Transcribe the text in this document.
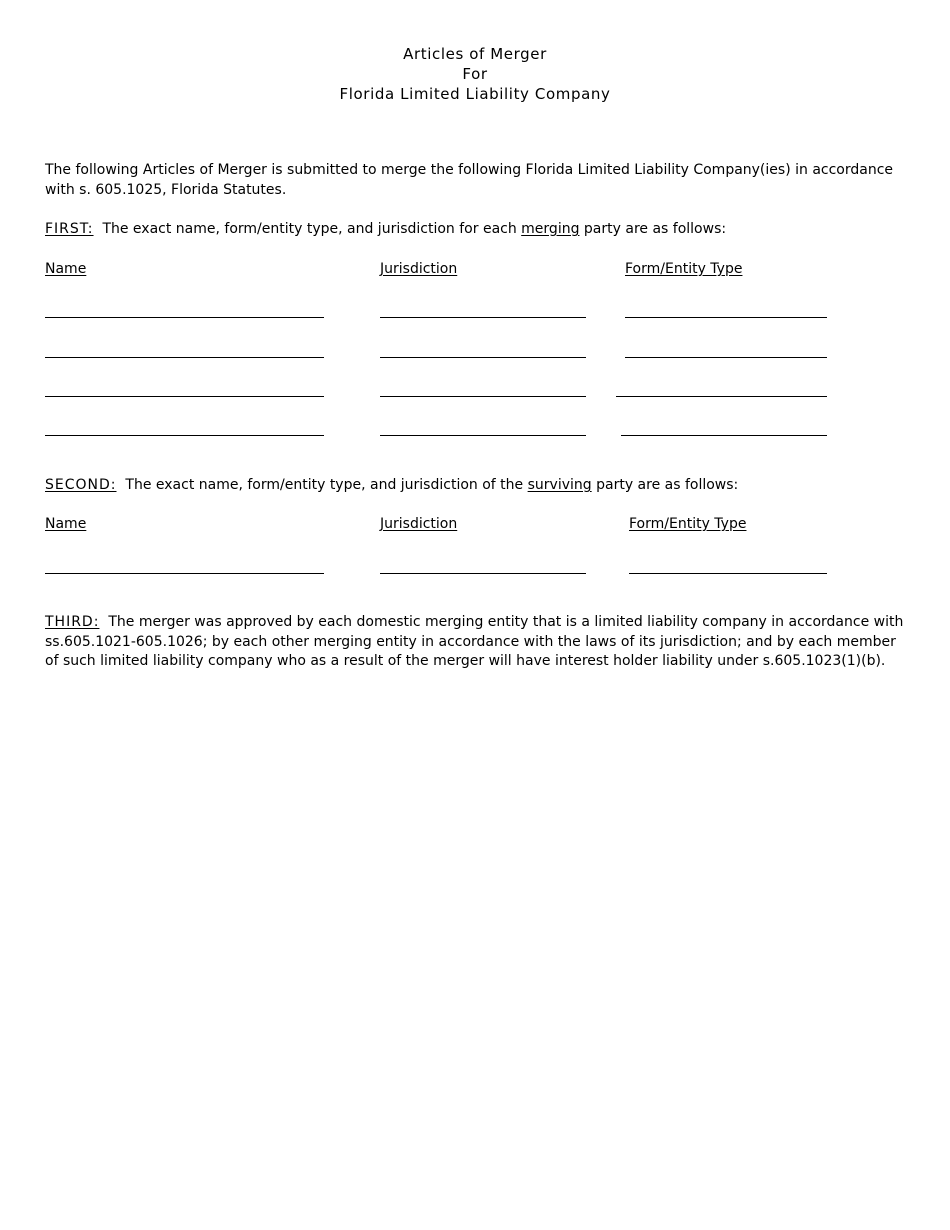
Articles of Merger
For
Florida Limited Liability Company
The following Articles of Merger is submitted to merge the following Florida Limited Liability Company(ies) in accordance with s. 605.1025, Florida Statutes.
FIRST: The exact name, form/entity type, and jurisdiction for each merging party are as follows:
Name	Jurisdiction	Form/Entity Type
SECOND: The exact name, form/entity type, and jurisdiction of the surviving party are as follows:
Name	Jurisdiction	Form/Entity Type
THIRD: The merger was approved by each domestic merging entity that is a limited liability company in accordance with ss.605.1021-605.1026; by each other merging entity in accordance with the laws of its jurisdiction; and by each member of such limited liability company who as a result of the merger will have interest holder liability under s.605.1023(1)(b).
